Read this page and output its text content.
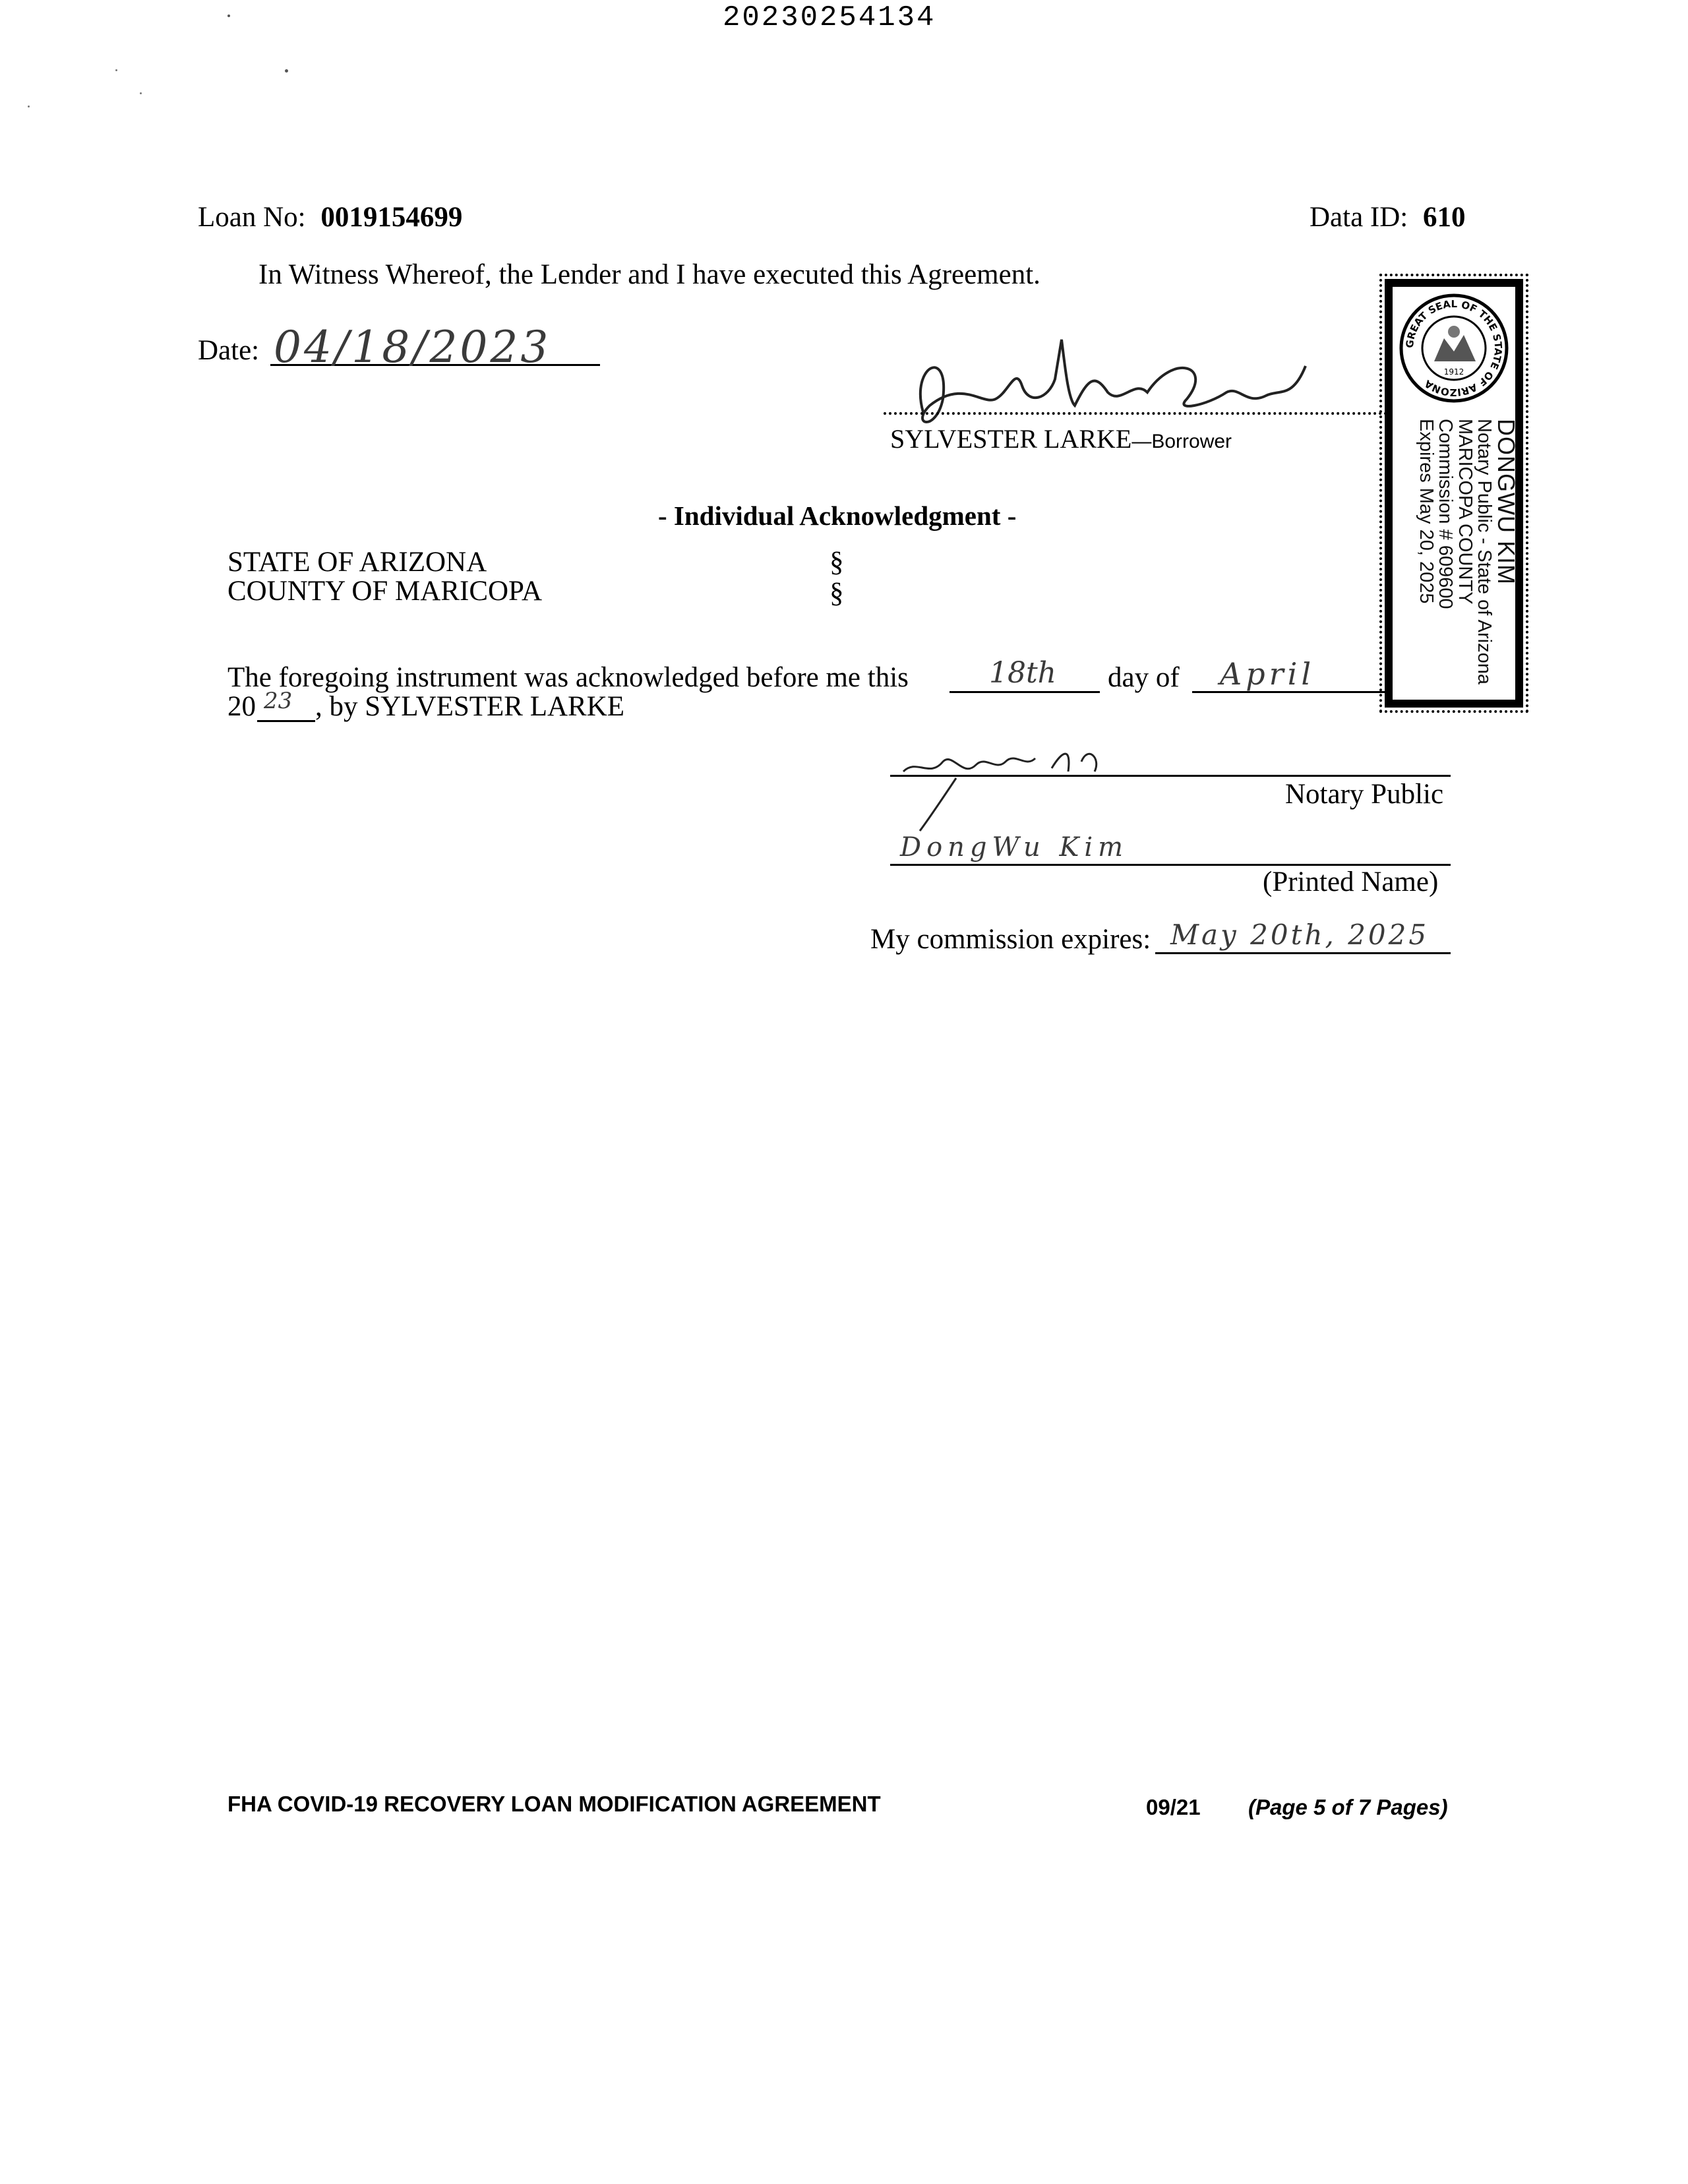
20230254134
Loan No: 0019154699	Data ID: 610
In Witness Whereof, the Lender and I have executed this Agreement.
Date: 04/18/2023
SYLVESTER LARKE—Borrower
- Individual Acknowledgment -
STATE OF ARIZONA	§
COUNTY OF MARICOPA	§
The foregoing instrument was acknowledged before me this	18th day of April
20 23 , by SYLVESTER LARKE
Notary Public
DongWu Kim
(Printed Name)
My commission expires: May 20th, 2025
GREAT SEAL OF THE STATE OF ARIZONA
1912
DONGWU KIM
Notary Public - State of Arizona
MARICOPA COUNTY
Commission # 609600
Expires May 20, 2025
FHA COVID-19 RECOVERY LOAN MODIFICATION AGREEMENT	09/21 (Page 5 of 7 Pages)
